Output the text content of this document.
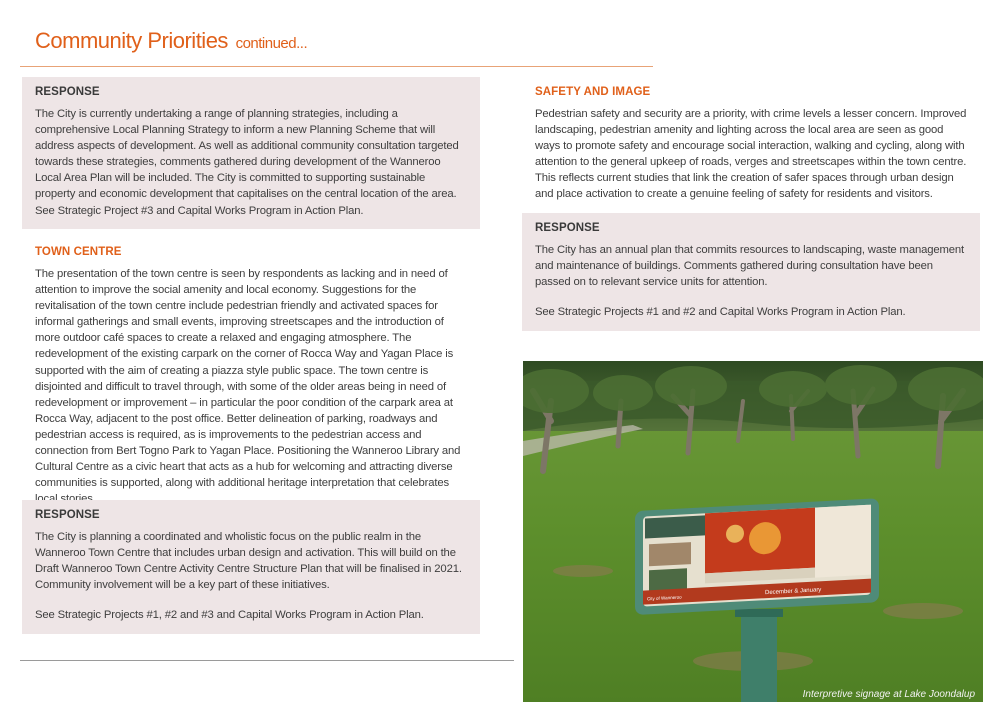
Community Priorities continued...
RESPONSE

The City is currently undertaking a range of planning strategies, including a comprehensive Local Planning Strategy to inform a new Planning Scheme that will address aspects of development. As well as additional community consultation targeted towards these strategies, comments gathered during development of the Wanneroo Local Area Plan will be included. The City is committed to supporting sustainable property and economic development that capitalises on the central location of the area. See Strategic Project #3 and Capital Works Program in Action Plan.

TOWN CENTRE

The presentation of the town centre is seen by respondents as lacking and in need of attention to improve the social amenity and local economy. Suggestions for the revitalisation of the town centre include pedestrian friendly and activated spaces for informal gatherings and small events, improving streetscapes and the introduction of more outdoor café spaces to create a relaxed and engaging atmosphere. The redevelopment of the existing carpark on the corner of Rocca Way and Yagan Place is supported with the aim of creating a piazza style public space. The town centre is disjointed and difficult to travel through, with some of the older areas being in need of redevelopment or improvement – in particular the poor condition of the carpark area at Rocca Way, adjacent to the post office. Better delineation of parking, roadways and pedestrian access is required, as is improvements to the pedestrian access and connection from Bert Togno Park to Yagan Place. Positioning the Wanneroo Library and Cultural Centre as a civic heart that acts as a hub for welcoming and attracting diverse communities is supported, along with additional heritage interpretation that celebrates

RESPONSE

The City is planning a coordinated and wholistic focus on the public realm in the Wanneroo Town Centre that includes urban design and activation. This will build on the Draft Wanneroo Town Centre Activity Centre Structure Plan that will be finalised in 2021. Community involvement will be a key part of these initiatives.

See Strategic Projects #1, #2 and #3 and Capital Works Program in Action Plan.

SAFETY AND IMAGE

Pedestrian safety and security are a priority, with crime levels a lesser concern. Improved landscaping, pedestrian amenity and lighting across the local area are seen as good ways to promote safety and encourage social interaction, walking and cycling, along with attention to the general upkeep of roads, verges and streetscapes within the town centre. This reflects current studies that link the creation of safer spaces through urban design and place activation to create a genuine feeling of safety for residents and visitors.

RESPONSE

The City has an annual plan that commits resources to landscaping, waste management and maintenance of buildings. Comments gathered during consultation have been passed on to relevant service units for attention.

See Strategic Projects #1 and #2 and Capital Works Program in Action Plan.

December & January
City of Wanneroo
Interpretive signage at Lake Joondalup
